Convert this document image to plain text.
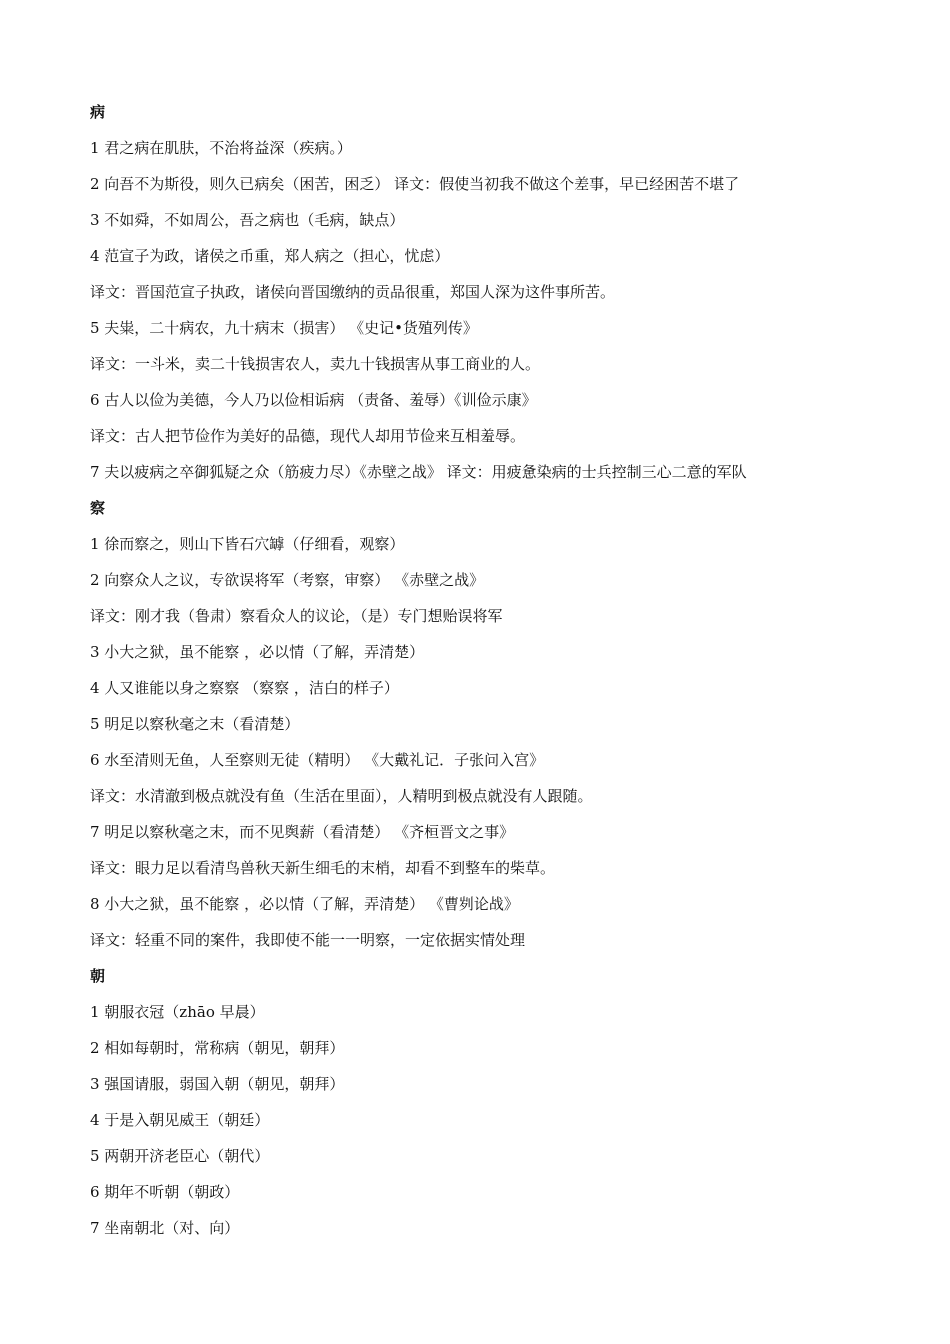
病
1 君之病在肌肤，不治将益深（疾病。）
2 向吾不为斯役，则久已病矣（困苦，困乏） 译文：假使当初我不做这个差事，早已经困苦不堪了
3 不如舜，不如周公，吾之病也（毛病，缺点）
4 范宣子为政，诸侯之币重，郑人病之（担心，忧虑）
译文：晋国范宣子执政，诸侯向晋国缴纳的贡品很重，郑国人深为这件事所苦。
5 夫粜，二十病农，九十病末（损害） 《史记•货殖列传》
译文：一斗米，卖二十钱损害农人，卖九十钱损害从事工商业的人。
6 古人以俭为美德，今人乃以俭相诟病 （责备、羞辱）《训俭示康》
译文：古人把节俭作为美好的品德，现代人却用节俭来互相羞辱。
7 夫以疲病之卒御狐疑之众（筋疲力尽）《赤壁之战》 译文：用疲惫染病的士兵控制三心二意的军队
察
1 徐而察之，则山下皆石穴罅（仔细看，观察）
2 向察众人之议，专欲误将军（考察，审察） 《赤壁之战》
译文：刚才我（鲁肃）察看众人的议论，（是）专门想贻误将军
3 小大之狱，虽不能察 ，必以情（了解，弄清楚）
4 人又谁能以身之察察 （察察 ，洁白的样子）
5 明足以察秋毫之末（看清楚）
6 水至清则无鱼，人至察则无徒（精明） 《大戴礼记．子张问入宫》
译文：水清澈到极点就没有鱼（生活在里面），人精明到极点就没有人跟随。
7 明足以察秋毫之末，而不见舆薪（看清楚） 《齐桓晋文之事》
译文：眼力足以看清鸟兽秋天新生细毛的末梢，却看不到整车的柴草。
8 小大之狱，虽不能察 ，必以情（了解，弄清楚） 《曹刿论战》
译文：轻重不同的案件，我即使不能一一明察，一定依据实情处理
朝
1 朝服衣冠（zhāo 早晨）
2 相如每朝时，常称病（朝见，朝拜）
3 强国请服，弱国入朝（朝见，朝拜）
4 于是入朝见威王（朝廷）
5 两朝开济老臣心（朝代）
6 期年不听朝（朝政）
7 坐南朝北（对、向）
